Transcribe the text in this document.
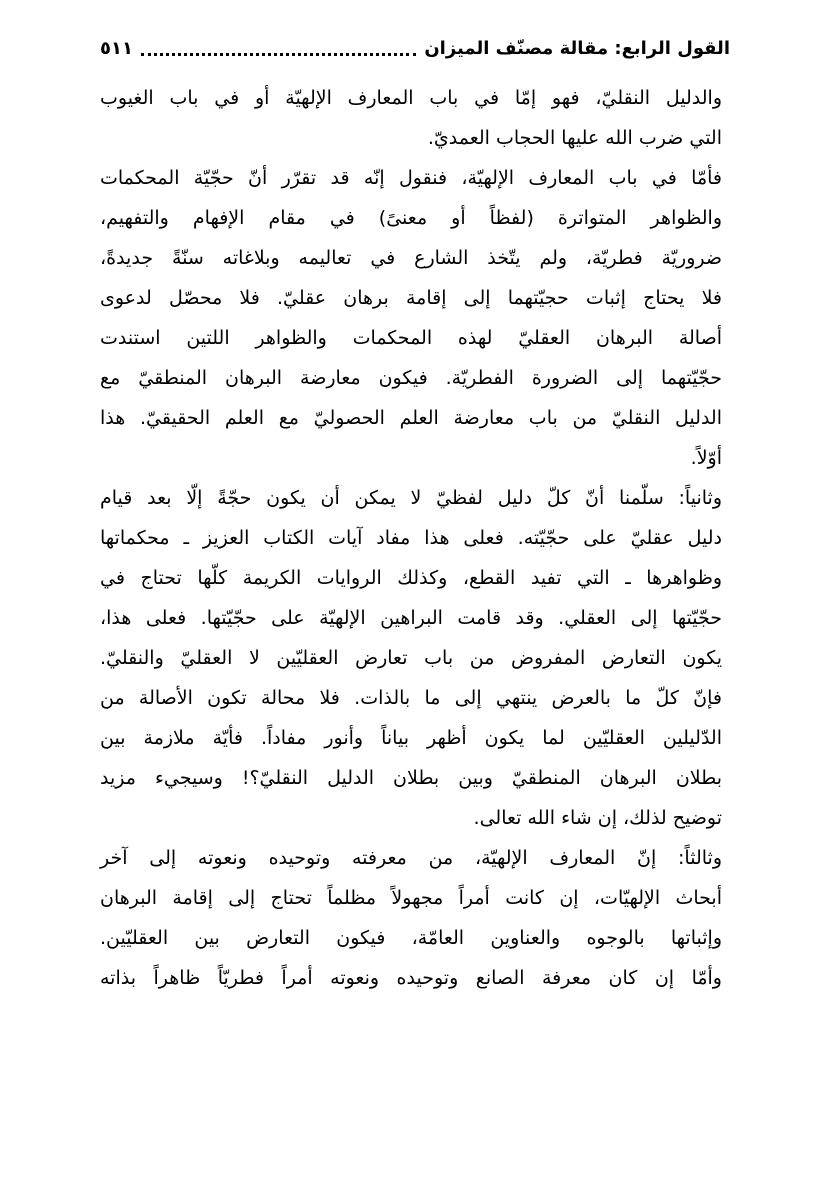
القول الرابع: مقالة مصنّف الميزان
٥١١
والدليل النقليّ، فهو إمّا في باب المعارف الإلهيّة أو في باب الغيوب
التي ضرب الله عليها الحجاب العمديّ.
فأمّا في باب المعارف الإلهيّة، فنقول إنّه قد تقرّر أنّ حجّيّة المحكمات
والظواهر المتواترة (لفظاً أو معنىً) في مقام الإفهام والتفهيم،
ضروريّة فطريّة، ولم يتّخذ الشارع في تعاليمه وبلاغاته سنّةً جديدةً،
فلا يحتاج إثبات حجيّتهما إلى إقامة برهان عقليّ. فلا محصّل لدعوى
أصالة البرهان العقليّ لهذه المحكمات والظواهر اللتين استندت
حجّيّتهما إلى الضرورة الفطريّة. فيكون معارضة البرهان المنطقيّ مع
الدليل النقليّ من باب معارضة العلم الحصوليّ مع العلم الحقيقيّ. هذا
أوّلاً.
وثانياً: سلّمنا أنّ كلّ دليل لفظيّ لا يمكن أن يكون حجّةً إلّا بعد قيام
دليل عقليّ على حجّيّته. فعلى هذا مفاد آيات الكتاب العزيز ـ محكماتها
وظواهرها ـ التي تفيد القطع، وكذلك الروايات الكريمة كلّها تحتاج في
حجّيّتها إلى العقلي. وقد قامت البراهين الإلهيّة على حجّيّتها. فعلى هذا،
يكون التعارض المفروض من باب تعارض العقليّين لا العقليّ والنقليّ.
فإنّ كلّ ما بالعرض ينتهي إلى ما بالذات. فلا محالة تكون الأصالة من
الدّليلين العقليّين لما يكون أظهر بياناً وأنور مفاداً. فأيّة ملازمة بين
بطلان البرهان المنطقيّ وبين بطلان الدليل النقليّ؟! وسيجيء مزيد
توضيح لذلك، إن شاء الله تعالى.
وثالثاً: إنّ المعارف الإلهيّة، من معرفته وتوحيده ونعوته إلى آخر
أبحاث الإلهيّات، إن كانت أمراً مجهولاً مظلماً تحتاج إلى إقامة البرهان
وإثباتها بالوجوه والعناوين العامّة، فيكون التعارض بين العقليّين.
وأمّا إن كان معرفة الصانع وتوحيده ونعوته أمراً فطريّاً ظاهراً بذاته
